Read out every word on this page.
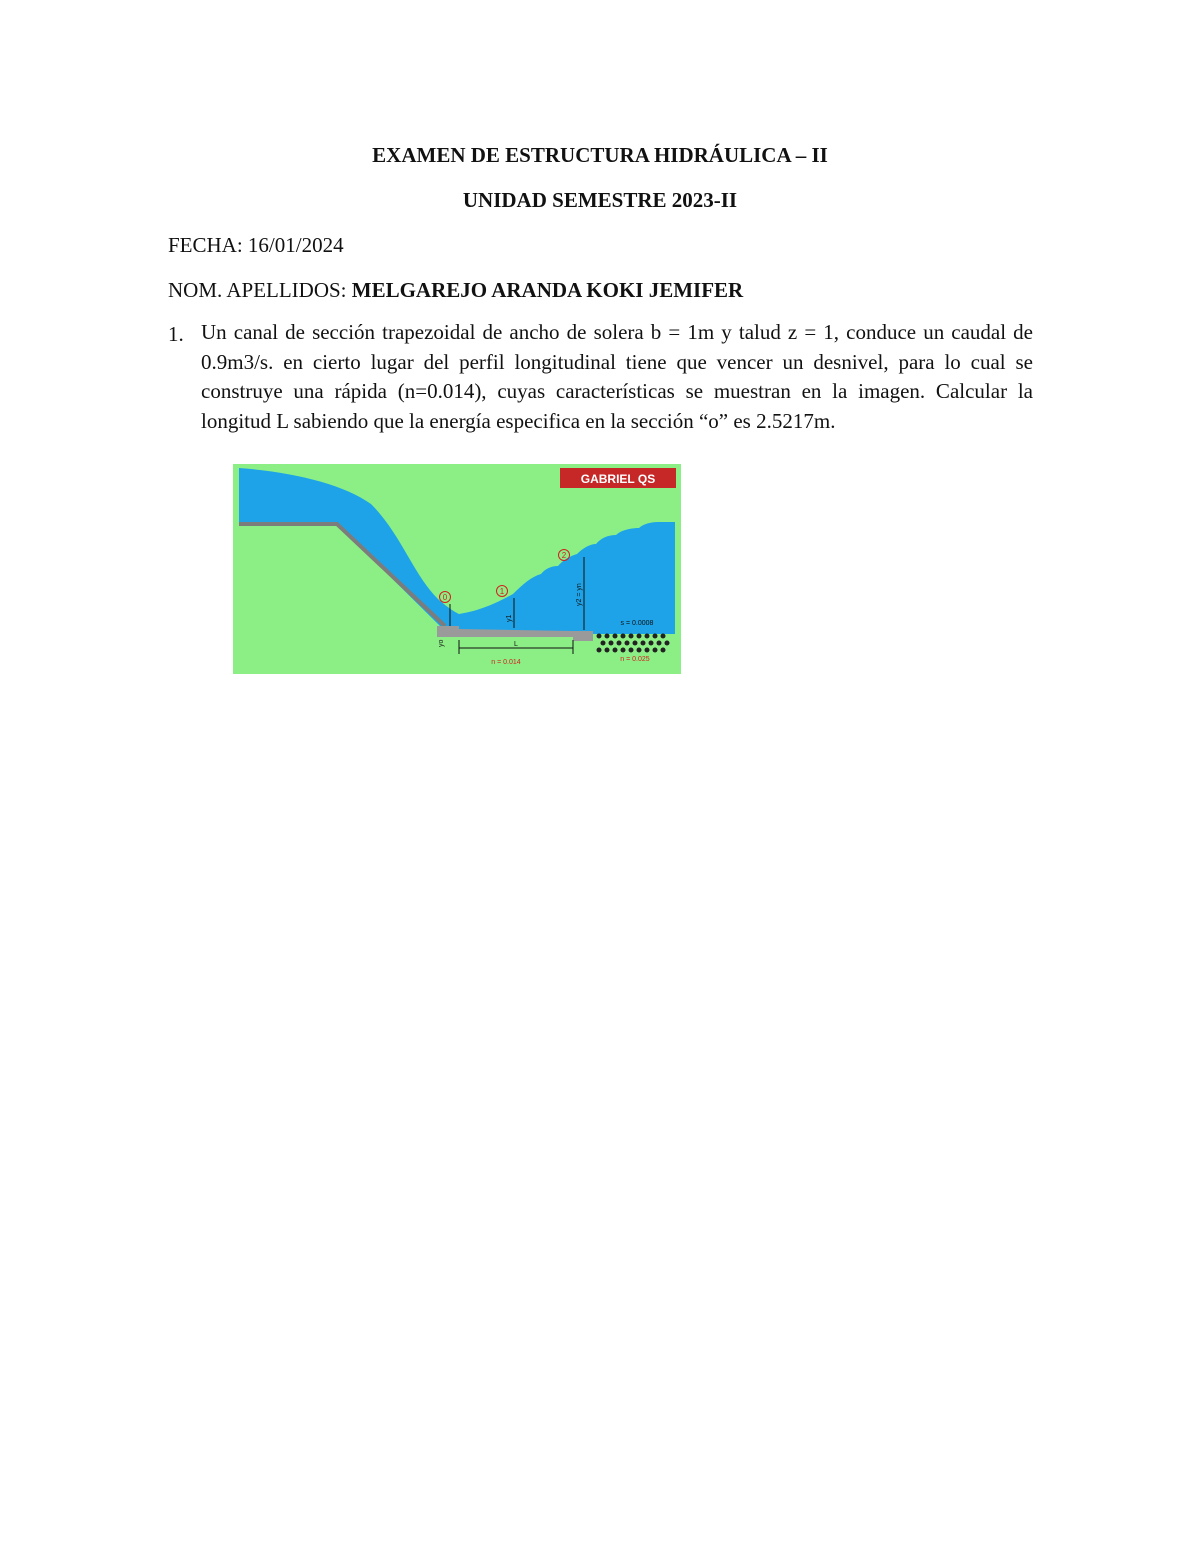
EXAMEN DE ESTRUCTURA HIDRÁULICA – II
UNIDAD SEMESTRE 2023-II
FECHA: 16/01/2024
NOM. APELLIDOS: MELGAREJO ARANDA KOKI JEMIFER
1. Un canal de sección trapezoidal de ancho de solera b = 1m y talud z = 1, conduce un caudal de 0.9m3/s. en cierto lugar del perfil longitudinal tiene que vencer un desnivel, para lo cual se construye una rápida (n=0.014), cuyas características se muestran en la imagen. Calcular la longitud L sabiendo que la energía especifica en la sección “o” es 2.5217m.
GABRIEL QS
0
1
2
yo
y1
y2 = yn
L
n = 0.014
s = 0.0008
n = 0.025
